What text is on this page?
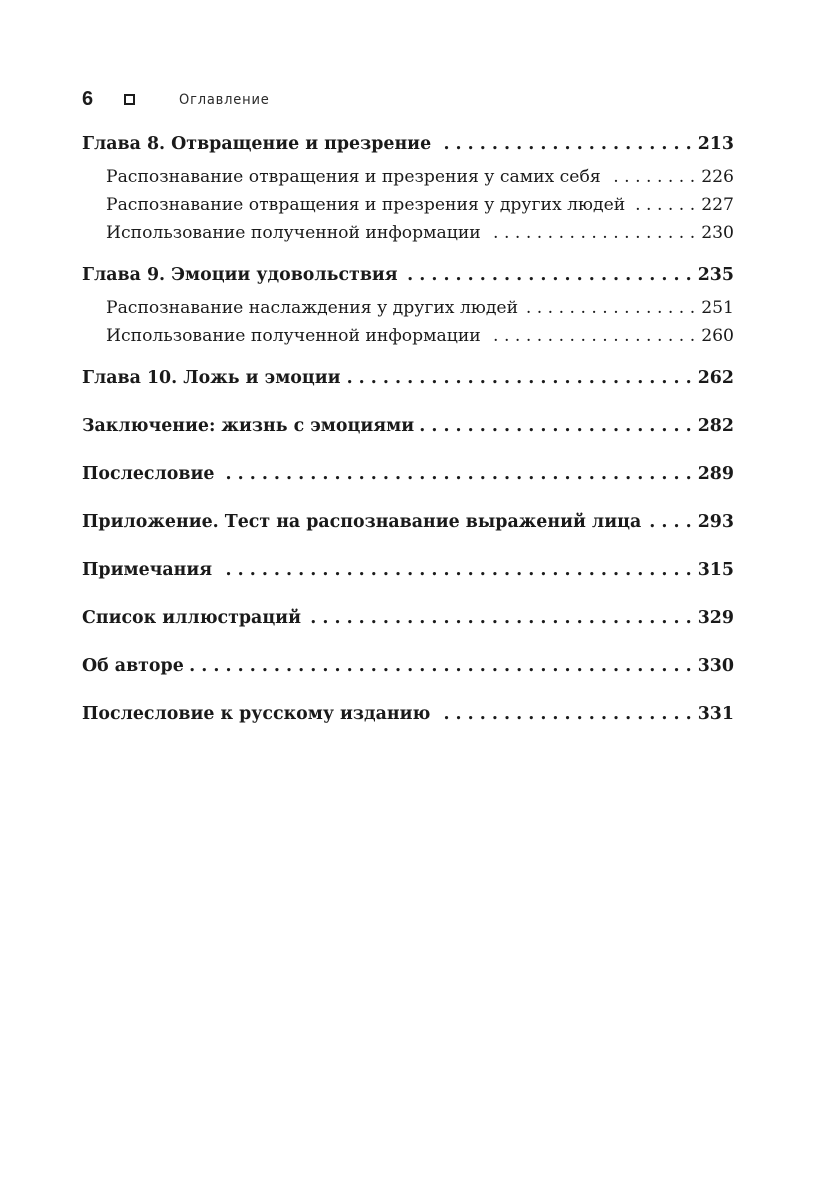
6	Оглавление
Глава 8. Отвращение и презрение . . .	213
Распознавание отвращения и презрения у самих себя . . .	226
Распознавание отвращения и презрения у других людей . . .	227
Использование полученной информации . . .	230
Глава 9. Эмоции удовольствия . . .	235
Распознавание наслаждения у других людей . . .	251
Использование полученной информации . . .	260
Глава 10. Ложь и эмоции . . .	262
Заключение: жизнь с эмоциями . . .	282
Послесловие . . .	289
Приложение. Тест на распознавание выражений лица . . .	293
Примечания . . .	315
Список иллюстраций . . .	329
Об авторе . . .	330
Послесловие к русскому изданию . . .	331
